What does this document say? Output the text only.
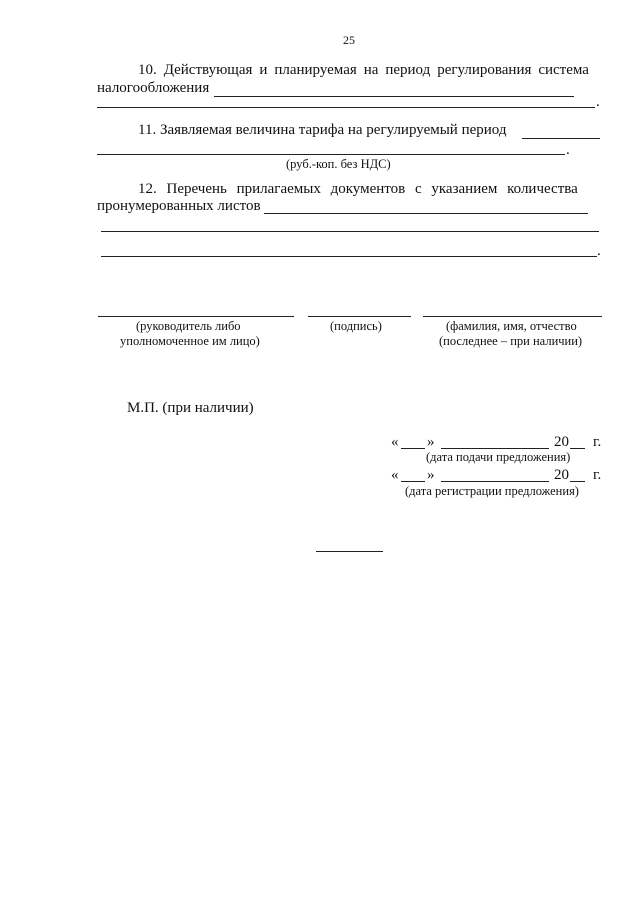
25
10. Действующая и планируемая на период регулирования система
налогообложения
.
11. Заявляемая величина тарифа на регулируемый период
.
(руб.-коп. без НДС)
12. Перечень прилагаемых документов с указанием количества
пронумерованных листов
.
(руководитель либо
уполномоченное им лицо)
(подпись)	(фамилия, имя, отчество
(последнее – при наличии)
М.П. (при наличии)
« »	20 г.
(дата подачи предложения)
« »	20 г.
(дата регистрации предложения)
